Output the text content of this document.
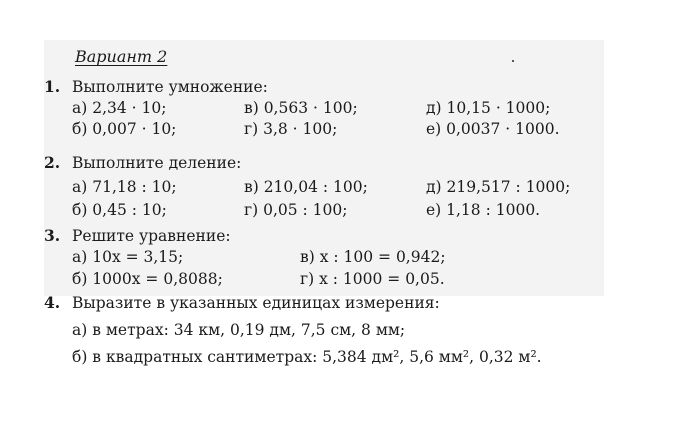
Вариант 2
1. Выполните умножение:
а) 2,34 · 10;	в) 0,563 · 100;	д) 10,15 · 1000;
б) 0,007 · 10;	г) 3,8 · 100;	е) 0,0037 · 1000.
2. Выполните деление:
а) 71,18 : 10;	в) 210,04 : 100;	д) 219,517 : 1000;
б) 0,45 : 10;	г) 0,05 : 100;	е) 1,18 : 1000.
3. Решите уравнение:
а) 10x = 3,15;	в) x : 100 = 0,942;
б) 1000x = 0,8088;	г) x : 1000 = 0,05.
4. Выразите в указанных единицах измерения:
а) в метрах: 34 км, 0,19 дм, 7,5 см, 8 мм;
б) в квадратных сантиметрах: 5,384 дм², 5,6 мм², 0,32 м².
